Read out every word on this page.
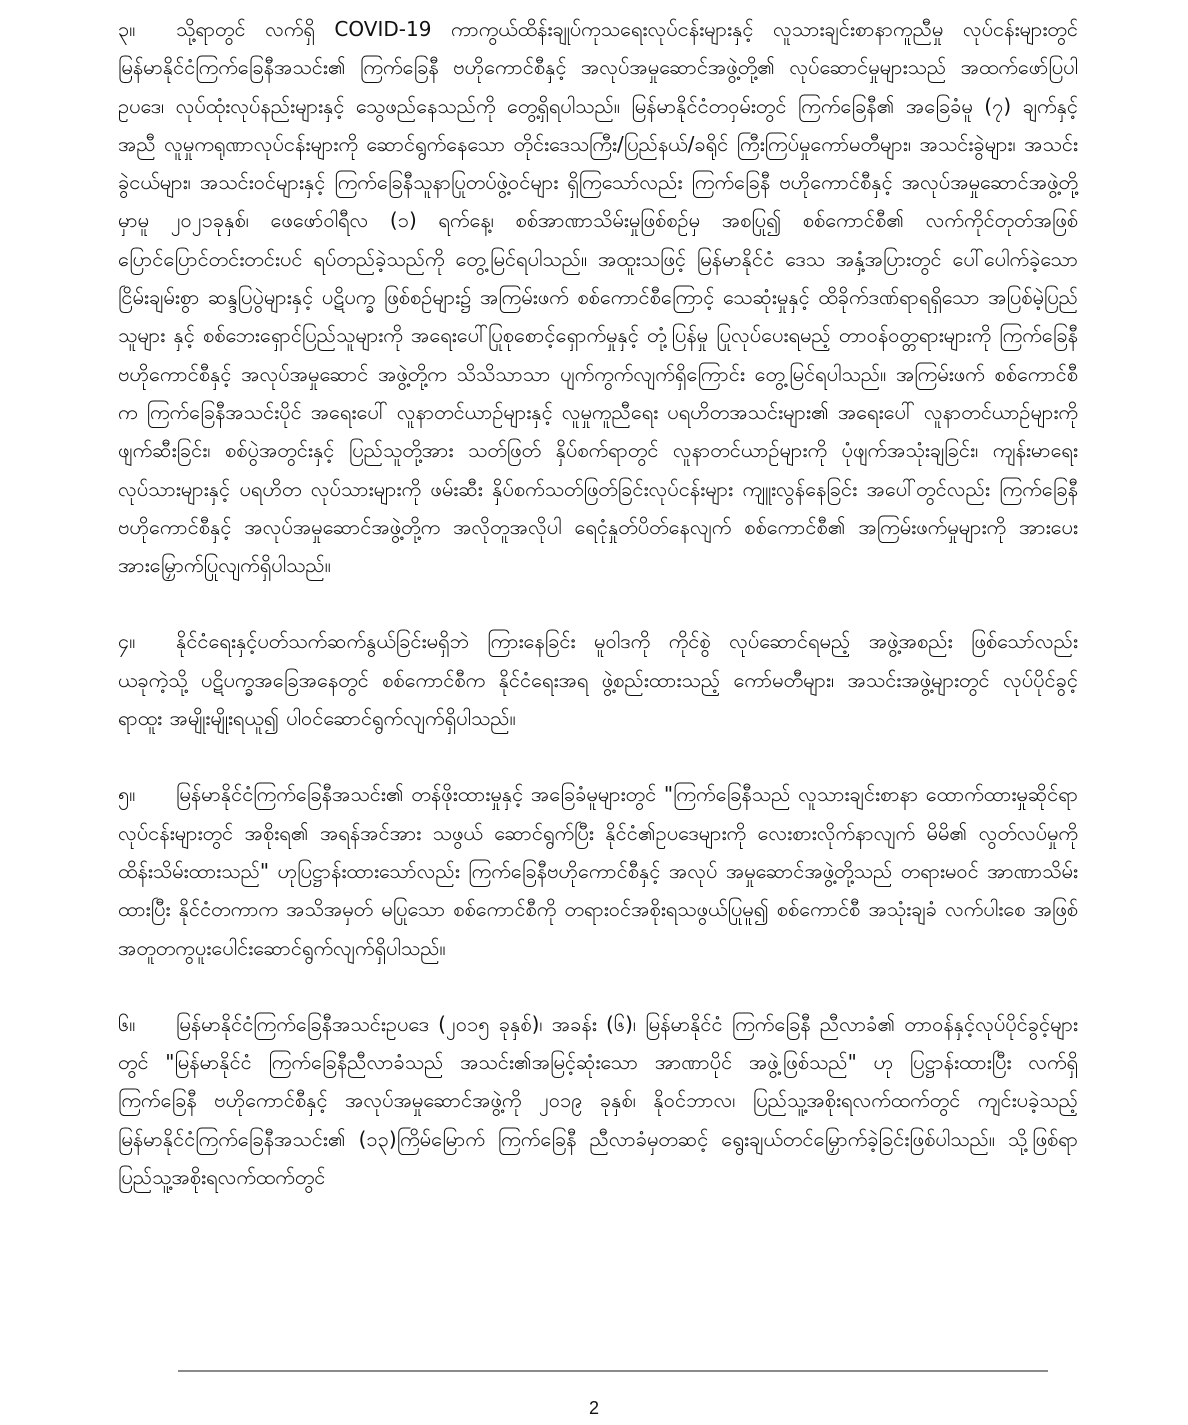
၃။ သို့ရာတွင် လက်ရှိ COVID-19 ကာကွယ်ထိန်းချုပ်ကုသရေးလုပ်ငန်းများနှင့် လူသားချင်းစာနာကူညီမှု လုပ်ငန်းများတွင် မြန်မာနိုင်ငံကြက်ခြေနီအသင်း၏ ကြက်ခြေနီ ဗဟိုကောင်စီနှင့် အလုပ်အမှုဆောင်အဖွဲ့တို့၏ လုပ်ဆောင်မှုများသည် အထက်ဖော်ပြပါ ဥပဒေ၊ လုပ်ထုံးလုပ်နည်းများနှင့် သွေဖည်နေသည်ကို တွေ့ရှိရပါသည်။ မြန်မာနိုင်ငံတဝှမ်းတွင် ကြက်ခြေနီ၏ အခြေခံမူ (၇) ချက်နှင့်အညီ လူမှုကရုဏာလုပ်ငန်းများကို ဆောင်ရွက်နေသော တိုင်းဒေသကြီး/ပြည်နယ်/ခရိုင် ကြီးကြပ်မှုကော်မတီများ၊ အသင်းခွဲများ၊ အသင်းခွဲငယ်များ၊ အသင်းဝင်များနှင့် ကြက်ခြေနီသူနာပြုတပ်ဖွဲ့ဝင်များ ရှိကြသော်လည်း ကြက်ခြေနီ ဗဟိုကောင်စီနှင့် အလုပ်အမှုဆောင်အဖွဲ့တို့မှာမူ ၂၀၂၁ခုနှစ်၊ ဖေဖော်ဝါရီလ (၁) ရက်နေ့၊ စစ်အာဏာသိမ်းမှုဖြစ်စဉ်မှ အစပြု၍ စစ်ကောင်စီ၏ လက်ကိုင်တုတ်အဖြစ် ပြောင်ပြောင်တင်းတင်းပင် ရပ်တည်ခဲ့သည်ကို တွေ့မြင်ရပါသည်။ အထူးသဖြင့် မြန်မာနိုင်ငံ ဒေသ အနှံ့အပြားတွင် ပေါ်ပေါက်ခဲ့သော ငြိမ်းချမ်းစွာ ဆန္ဒပြပွဲများနှင့် ပဋိပက္ခ ဖြစ်စဉ်များ၌ အကြမ်းဖက် စစ်ကောင်စီကြောင့် သေဆုံးမှုနှင့် ထိခိုက်ဒဏ်ရာရရှိသော အပြစ်မဲ့ပြည်သူများ နှင့် စစ်ဘေးရှောင်ပြည်သူများကို အရေးပေါ်ပြုစုစောင့်ရှောက်မှုနှင့် တုံ့ပြန်မှု ပြုလုပ်ပေးရမည့် တာဝန်ဝတ္တရားများကို ကြက်ခြေနီ ဗဟိုကောင်စီနှင့် အလုပ်အမှုဆောင် အဖွဲ့တို့က သိသိသာသာ ပျက်ကွက်လျက်ရှိကြောင်း တွေ့မြင်ရပါသည်။ အကြမ်းဖက် စစ်ကောင်စီက ကြက်ခြေနီအသင်းပိုင် အရေးပေါ် လူနာတင်ယာဉ်များနှင့် လူမှုကူညီရေး ပရဟိတအသင်းများ၏ အရေးပေါ် လူနာတင်ယာဉ်များကို ဖျက်ဆီးခြင်း၊ စစ်ပွဲအတွင်းနှင့် ပြည်သူတို့အား သတ်ဖြတ် နှိပ်စက်ရာတွင် လူနာတင်ယာဉ်များကို ပုံဖျက်အသုံးချခြင်း၊ ကျန်းမာရေးလုပ်သားများနှင့် ပရဟိတ လုပ်သားများကို ဖမ်းဆီး နှိပ်စက်သတ်ဖြတ်ခြင်းလုပ်ငန်းများ ကျူးလွန်နေခြင်း အပေါ်တွင်လည်း ကြက်ခြေနီ ဗဟိုကောင်စီနှင့် အလုပ်အမှုဆောင်အဖွဲ့တို့က အလိုတူအလိုပါ ရေငုံနှုတ်ပိတ်နေလျက် စစ်ကောင်စီ၏ အကြမ်းဖက်မှုများကို အားပေး အားမြှောက်ပြုလျက်ရှိပါသည်။

၄။ နိုင်ငံရေးနှင့်ပတ်သက်ဆက်နွယ်ခြင်းမရှိဘဲ ကြားနေခြင်း မူဝါဒကို ကိုင်စွဲ လုပ်ဆောင်ရမည့် အဖွဲ့အစည်း ဖြစ်သော်လည်း ယခုကဲ့သို့ ပဋိပက္ခအခြေအနေတွင် စစ်ကောင်စီက နိုင်ငံရေးအရ ဖွဲ့စည်းထားသည့် ကော်မတီများ၊ အသင်းအဖွဲ့များတွင် လုပ်ပိုင်ခွင့်ရာထူး အမျိုးမျိုးရယူ၍ ပါဝင်ဆောင်ရွက်လျက်ရှိပါသည်။

၅။ မြန်မာနိုင်ငံကြက်ခြေနီအသင်း၏ တန်ဖိုးထားမှုနှင့် အခြေခံမူများတွင် "ကြက်ခြေနီသည် လူသားချင်းစာနာ ထောက်ထားမှုဆိုင်ရာ လုပ်ငန်းများတွင် အစိုးရ၏ အရန်အင်အား သဖွယ် ဆောင်ရွက်ပြီး နိုင်ငံ၏ဥပဒေများကို လေးစားလိုက်နာလျက် မိမိ၏ လွတ်လပ်မှုကို ထိန်းသိမ်းထားသည်" ဟုပြဋ္ဌာန်းထားသော်လည်း ကြက်ခြေနီဗဟိုကောင်စီနှင့် အလုပ် အမှုဆောင်အဖွဲ့တို့သည် တရားမဝင် အာဏာသိမ်းထားပြီး နိုင်ငံတကာက အသိအမှတ် မပြုသော စစ်ကောင်စီကို တရားဝင်အစိုးရသဖွယ်ပြုမူ၍ စစ်ကောင်စီ အသုံးချခံ လက်ပါးစေ အဖြစ် အတူတကွပူးပေါင်းဆောင်ရွက်လျက်ရှိပါသည်။

၆။ မြန်မာနိုင်ငံကြက်ခြေနီအသင်းဥပဒေ (၂၀၁၅ ခုနှစ်)၊ အခန်း (၆)၊ မြန်မာနိုင်ငံ ကြက်ခြေနီ ညီလာခံ၏ တာဝန်နှင့်လုပ်ပိုင်ခွင့်များတွင် "မြန်မာနိုင်ငံ ကြက်ခြေနီညီလာခံသည် အသင်း၏အမြင့်ဆုံးသော အာဏာပိုင် အဖွဲ့ဖြစ်သည်" ဟု ပြဋ္ဌာန်းထားပြီး လက်ရှိ ကြက်ခြေနီ ဗဟိုကောင်စီနှင့် အလုပ်အမှုဆောင်အဖွဲ့ကို ၂၀၁၉ ခုနှစ်၊ နိုဝင်ဘာလ၊ ပြည်သူ့အစိုးရလက်ထက်တွင် ကျင်းပခဲ့သည့် မြန်မာနိုင်ငံကြက်ခြေနီအသင်း၏ (၁၃)ကြိမ်မြောက် ကြက်ခြေနီ ညီလာခံမှတဆင့် ရွေးချယ်တင်မြှောက်ခဲ့ခြင်းဖြစ်ပါသည်။ သို့ဖြစ်ရာ ပြည်သူ့အစိုးရလက်ထက်တွင်

2
